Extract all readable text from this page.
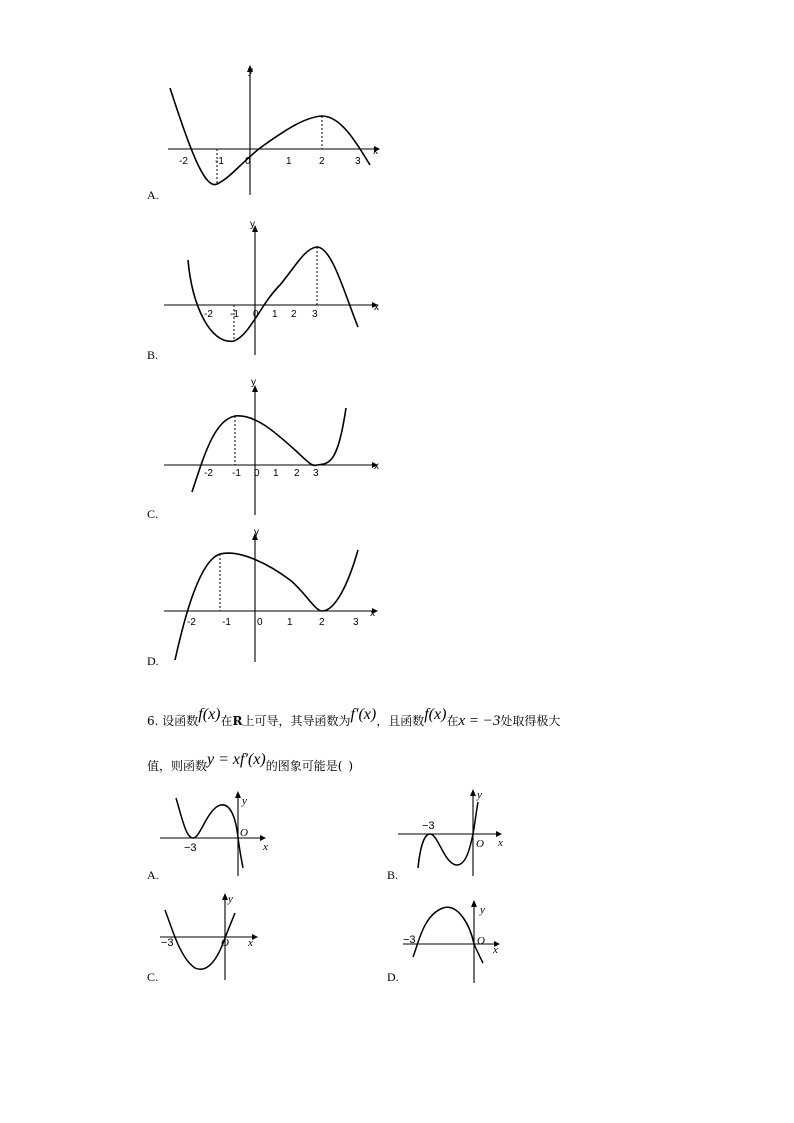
x
y
-2	-1 0	1	2	3
A.
x
y
-2 -1 0 1 2 3
B.
x
y
-2 -1 0 1 2 3
C.
x
y
-2	-1	0 1	2	3
D.
6. 设函数f(x)在R上可导，其导函数为f′(x)，且函数f(x)在x = −3处取得极大
值，则函数y = xf′(x)的图象可能是( )
x
y
O
−3
A.
x
y
O
−3
B.
x
y
O
−3
C.
x
y
O
−3
D.
